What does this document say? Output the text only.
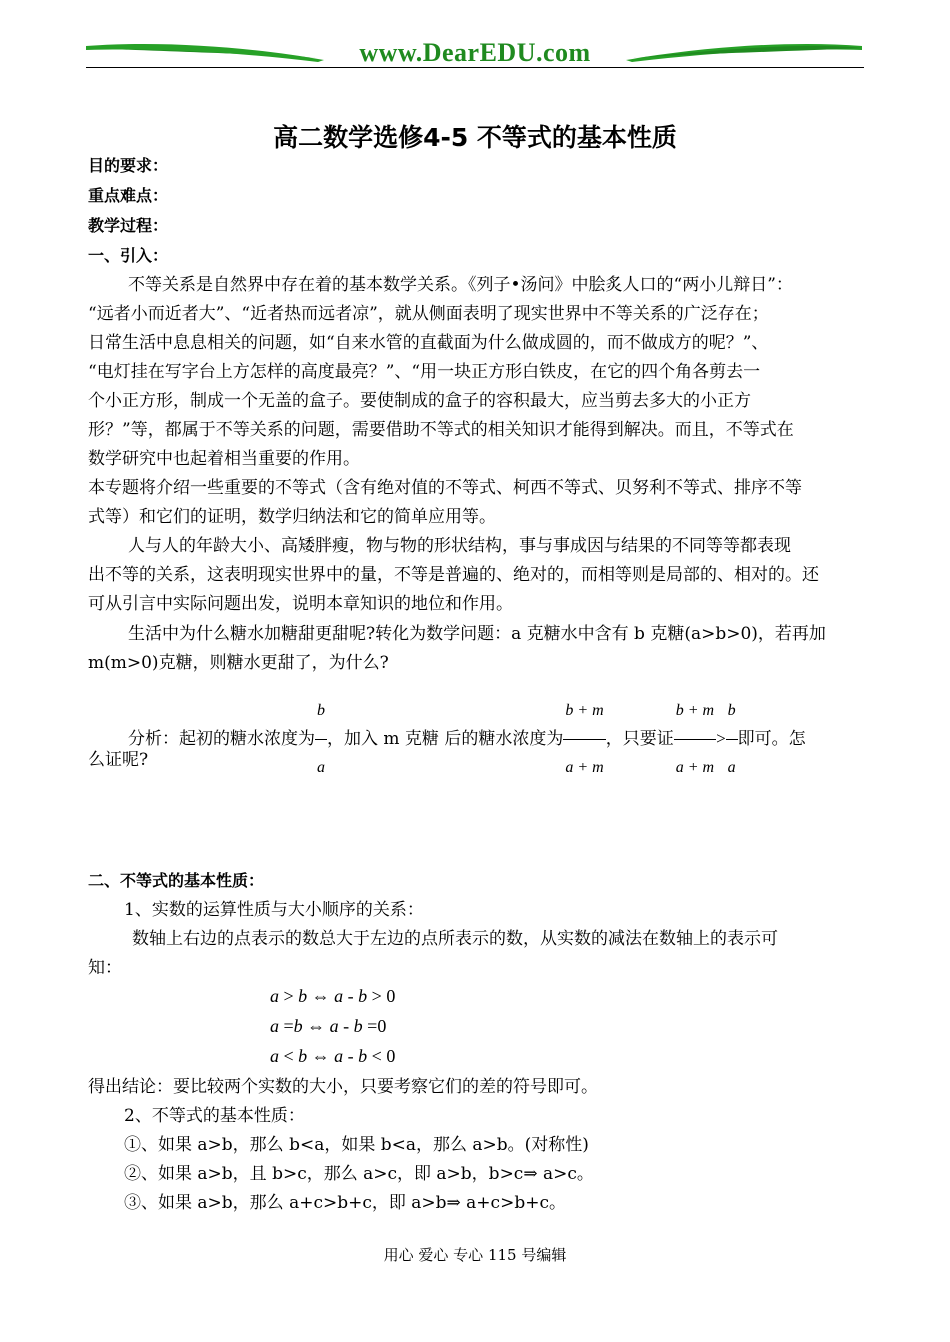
www.DearEDU.com
高二数学选修4-5 不等式的基本性质
目的要求：
重点难点：
教学过程：
一、引入：
不等关系是自然界中存在着的基本数学关系。《列子•汤问》中脍炙人口的“两小儿辩日”：
“远者小而近者大”、“近者热而远者凉”，就从侧面表明了现实世界中不等关系的广泛存在；
日常生活中息息相关的问题，如“自来水管的直截面为什么做成圆的，而不做成方的呢？”、
“电灯挂在写字台上方怎样的高度最亮？”、“用一块正方形白铁皮，在它的四个角各剪去一
个小正方形，制成一个无盖的盒子。要使制成的盒子的容积最大，应当剪去多大的小正方
形？”等，都属于不等关系的问题，需要借助不等式的相关知识才能得到解决。而且，不等式在
数学研究中也起着相当重要的作用。
本专题将介绍一些重要的不等式（含有绝对值的不等式、柯西不等式、贝努利不等式、排序不等
式等）和它们的证明，数学归纳法和它的简单应用等。
人与人的年龄大小、高矮胖瘦，物与物的形状结构，事与事成因与结果的不同等等都表现
出不等的关系，这表明现实世界中的量，不等是普遍的、绝对的，而相等则是局部的、相对的。还
可从引言中实际问题出发，说明本章知识的地位和作用。
生活中为什么糖水加糖甜更甜呢?转化为数学问题：a 克糖水中含有 b 克糖(a>b>0)，若再加
m(m>0)克糖，则糖水更甜了，为什么?
分析：起初的糖水浓度为 $\frac{b}{a}$ ，加入 m 克糖 后的糖水浓度为 $\frac{b + m}{a + m}$ ，只要证 $\frac{b + m}{a + m} > \frac{b}{a}$ 即可。怎
么证呢?
二、不等式的基本性质：
1、实数的运算性质与大小顺序的关系：
数轴上右边的点表示的数总大于左边的点所表示的数，从实数的减法在数轴上的表示可
知：
a > b ⇔ a - b > 0
a =b ⇔ a - b =0
a < b ⇔ a - b < 0
得出结论：要比较两个实数的大小，只要考察它们的差的符号即可。
2、不等式的基本性质：
①、如果 a>b，那么 b<a，如果 b<a，那么 a>b。(对称性)
②、如果 a>b，且 b>c，那么 a>c，即 a>b，b>c⇒ a>c。
③、如果 a>b，那么 a+c>b+c，即 a>b⇒ a+c>b+c。
用心 爱心 专心 115 号编辑
